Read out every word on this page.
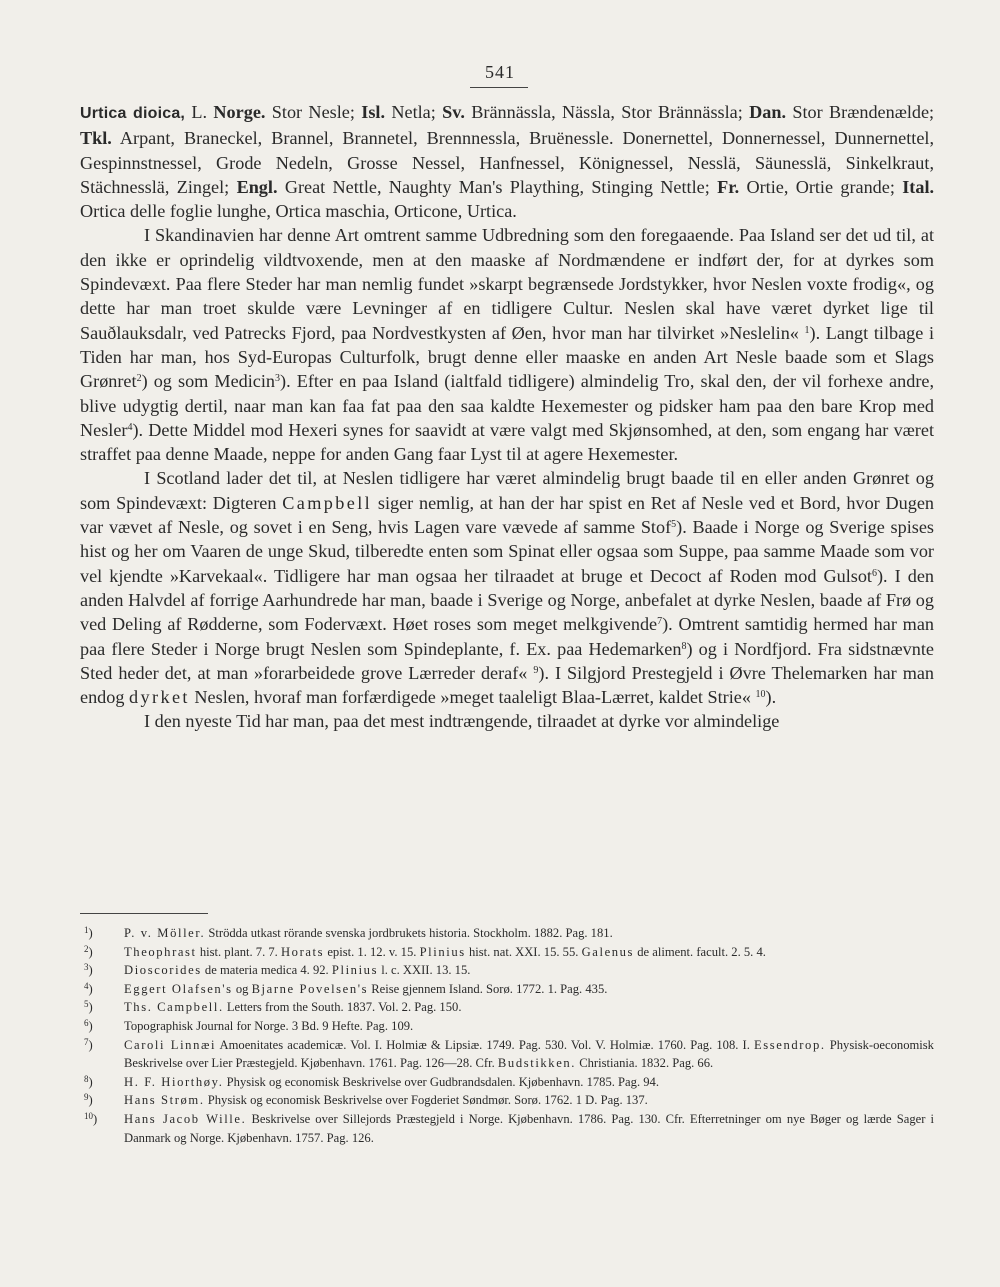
541

Urtica dioica, L. Norge. Stor Nesle; Isl. Netla; Sv. Brännässla, Nässla, Stor Brännässla; Dan. Stor Brændenælde; Tkl. Arpant, Braneckel, Brannel, Brannetel, Brennnessla, Bruënessle. Donernettel, Donnernessel, Dunnernettel, Gespinnstnessel, Grode Nedeln, Grosse Nessel, Hanfnessel, Könignessel, Nesslä, Säunesslä, Sinkelkraut, Stächnesslä, Zingel; Engl. Great Nettle, Naughty Man's Plaything, Stinging Nettle; Fr. Ortie, Ortie grande; Ital. Ortica delle foglie lunghe, Ortica maschia, Orticone, Urtica.

I Skandinavien har denne Art omtrent samme Udbredning som den foregaaende. Paa Island ser det ud til, at den ikke er oprindelig vildtvoxende, men at den maaske af Nordmændene er indført der, for at dyrkes som Spindevæxt. Paa flere Steder har man nemlig fundet »skarpt begrænsede Jordstykker, hvor Neslen voxte frodig«, og dette har man troet skulde være Levninger af en tidligere Cultur. Neslen skal have været dyrket lige til Sauðlauksdalr, ved Patrecks Fjord, paa Nordvestkysten af Øen, hvor man har tilvirket »Neslelin« $^1$). Langt tilbage i Tiden har man, hos Syd-Europas Culturfolk, brugt denne eller maaske en anden Art Nesle baade som et Slags Grønret$^2$) og som Medicin$^3$). Efter en paa Island (ialtfald tidligere) almindelig Tro, skal den, der vil forhexe andre, blive udygtig dertil, naar man kan faa fat paa den saa kaldte Hexemester og pidsker ham paa den bare Krop med Nesler$^4$). Dette Middel mod Hexeri synes for saavidt at være valgt med Skjønsomhed, at den, som engang har været straffet paa denne Maade, neppe for anden Gang faar Lyst til at agere Hexemester.

I Scotland lader det til, at Neslen tidligere har været almindelig brugt baade til en eller anden Grønret og som Spindevæxt: Digteren Campbell siger nemlig, at han der har spist en Ret af Nesle ved et Bord, hvor Dugen var vævet af Nesle, og sovet i en Seng, hvis Lagen vare vævede af samme Stof$^5$). Baade i Norge og Sverige spises hist og her om Vaaren de unge Skud, tilberedte enten som Spinat eller ogsaa som Suppe, paa samme Maade som vor vel kjendte »Karvekaal«. Tidligere har man ogsaa her tilraadet at bruge et Decoct af Roden mod Gulsot$^6$). I den anden Halvdel af forrige Aarhundrede har man, baade i Sverige og Norge, anbefalet at dyrke Neslen, baade af Frø og ved Deling af Rødderne, som Fodervæxt. Høet roses som meget melkgivende$^7$). Omtrent samtidig hermed har man paa flere Steder i Norge brugt Neslen som Spindeplante, f. Ex. paa Hedemarken$^8$) og i Nordfjord. Fra sidstnævnte Sted heder det, at man »forarbeidede grove Lærreder deraf« $^9$). I Silgjord Prestegjeld i Øvre Thelemarken har man endog dyrket Neslen, hvoraf man forfærdigede »meget taaleligt Blaa-Lærret, kaldet Strie« $^{10}$).

I den nyeste Tid har man, paa det mest indtrængende, tilraadet at dyrke vor almindelige

$^1$)	P. v. Möller. Strödda utkast rörande svenska jordbrukets historia. Stockholm. 1882. Pag. 181.
$^2$)	Theophrast hist. plant. 7. 7. Horats epist. 1. 12. v. 15. Plinius hist. nat. XXI. 15. 55. Galenus de aliment. facult. 2. 5. 4.
$^3$)	Dioscorides de materia medica 4. 92. Plinius l. c. XXII. 13. 15.
$^4$)	Eggert Olafsen's og Bjarne Povelsen's Reise gjennem Island. Sorø. 1772. 1. Pag. 435.
$^5$)	Ths. Campbell. Letters from the South. 1837. Vol. 2. Pag. 150.
$^6$)	Topographisk Journal for Norge. 3 Bd. 9 Hefte. Pag. 109.
$^7$)	Caroli Linnæi Amoenitates academicæ. Vol. I. Holmiæ & Lipsiæ. 1749. Pag. 530. Vol. V. Holmiæ. 1760. Pag. 108. I. Essendrop. Physisk-oeconomisk Beskrivelse over Lier Præstegjeld. Kjøbenhavn. 1761. Pag. 126—28. Cfr. Budstikken. Christiania. 1832. Pag. 66.
$^8$)	H. F. Hiorthøy. Physisk og economisk Beskrivelse over Gudbrandsdalen. Kjøbenhavn. 1785. Pag. 94.
$^9$)	Hans Strøm. Physisk og economisk Beskrivelse over Fogderiet Søndmør. Sorø. 1762. 1 D. Pag. 137.
$^{10}$)	Hans Jacob Wille. Beskrivelse over Sillejords Præstegjeld i Norge. Kjøbenhavn. 1786. Pag. 130. Cfr. Efterretninger om nye Bøger og lærde Sager i Danmark og Norge. Kjøbenhavn. 1757. Pag. 126.
